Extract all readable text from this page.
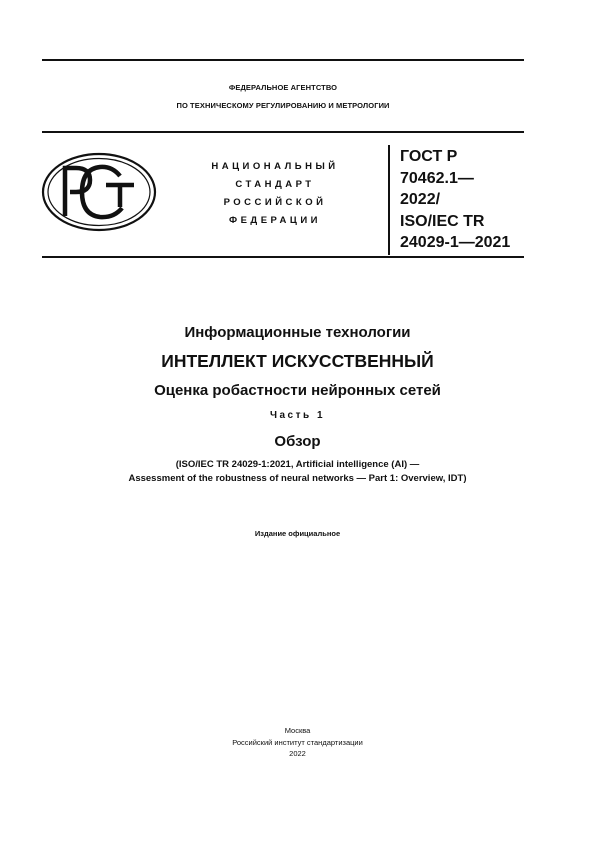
ФЕДЕРАЛЬНОЕ АГЕНТСТВО
ПО ТЕХНИЧЕСКОМУ РЕГУЛИРОВАНИЮ И МЕТРОЛОГИИ
НАЦИОНАЛЬНЫЙ
СТАНДАРТ
РОССИЙСКОЙ
ФЕДЕРАЦИИ
ГОСТ Р
70462.1—
2022/
ISO/IEC TR
24029-1—2021
Информационные технологии
ИНТЕЛЛЕКТ ИСКУССТВЕННЫЙ
Оценка робастности нейронных сетей
Часть 1
Обзор
(ISO/IEC TR 24029-1:2021, Artificial intelligence (AI) —
Assessment of the robustness of neural networks — Part 1: Overview, IDT)
Издание официальное
Москва
Российский институт стандартизации
2022
